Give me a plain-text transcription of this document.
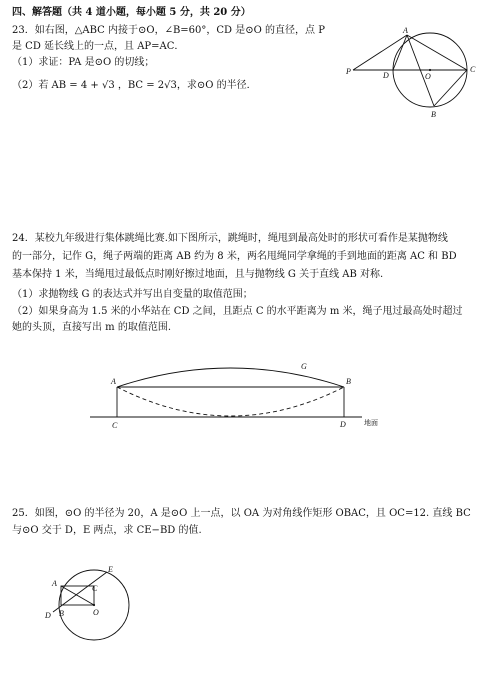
四、解答题（共 4 道小题，每小题 5 分，共 20 分）
23．如右图，△ABC 内接于⊙O，∠B=60°，CD 是⊙O 的直径，点 P
是 CD 延长线上的一点，且 AP=AC．
（1）求证：PA 是⊙O 的切线；
（2）若 AB = 4 + √3 ，BC = 2√3，求⊙O 的半径．
A
B
C
D	O
P
24．某校九年级进行集体跳绳比赛.如下图所示，跳绳时，绳甩到最高处时的形状可看作是某抛物线
的一部分，记作 G，绳子两端的距离 AB 约为 8 米，两名甩绳同学拿绳的手到地面的距离 AC 和 BD
基本保持 1 米，当绳甩过最低点时刚好擦过地面，且与抛物线 G 关于直线 AB 对称.
（1）求抛物线 G 的表达式并写出自变量的取值范围；
（2）如果身高为 1.5 米的小华站在 CD 之间，且距点 C 的水平距离为 m 米，绳子甩过最高处时超过
她的头顶，直接写出 m 的取值范围.
A	B
C	D
G
地面
25．如图，⊙O 的半径为 20，A 是⊙O 上一点，以 OA 为对角线作矩形 OBAC，且 OC=12. 直线 BC
与⊙O 交于 D，E 两点，求 CE−BD 的值.
A
B
C
D
E
O
